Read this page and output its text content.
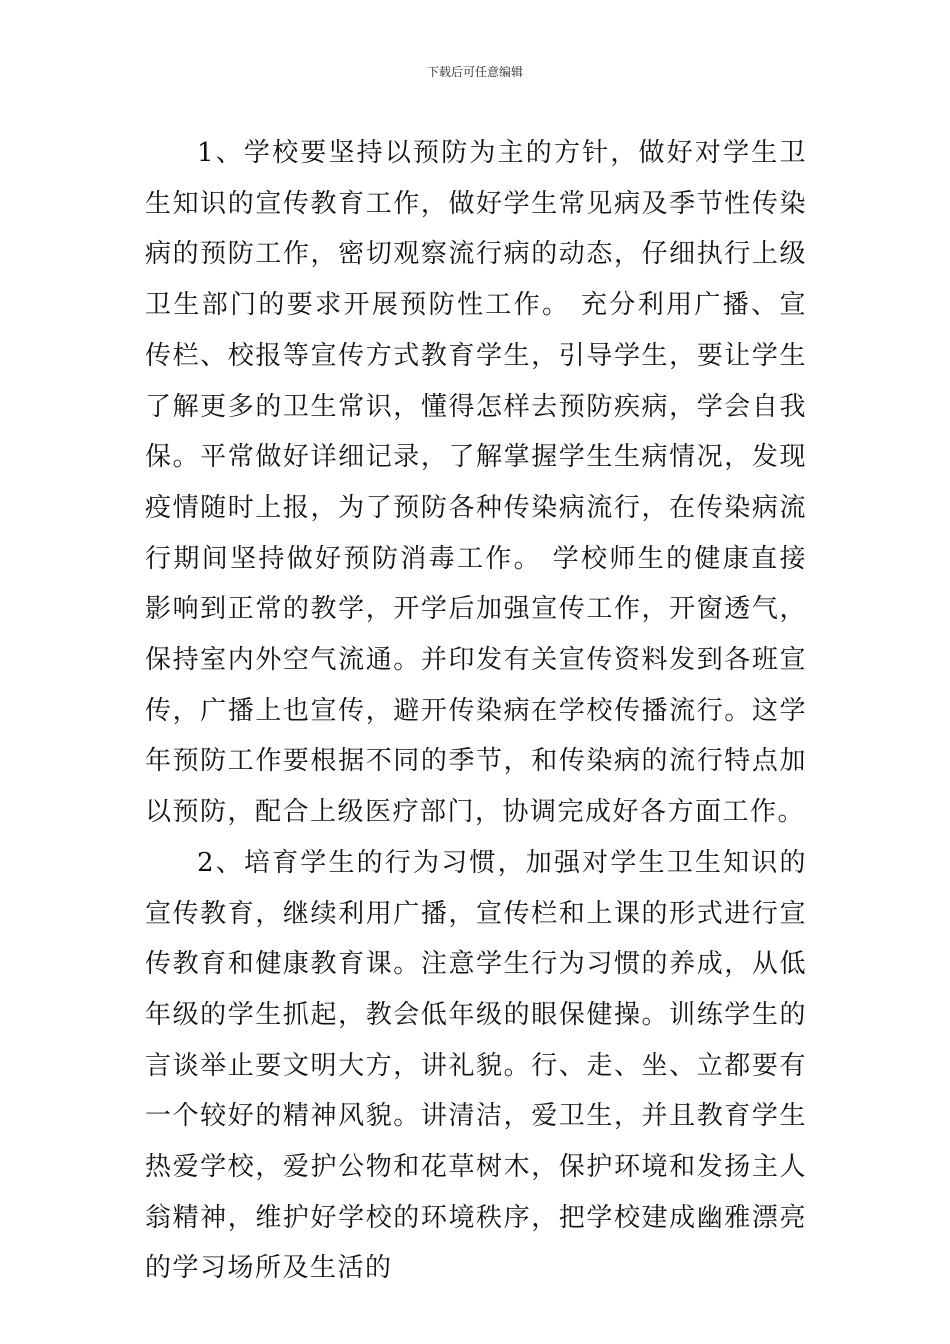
下载后可任意编辑

1、学校要坚持以预防为主的方针，做好对学生卫生知识的宣传教育工作，做好学生常见病及季节性传染病的预防工作，密切观察流行病的动态，仔细执行上级卫生部门的要求开展预防性工作。 充分利用广播、宣传栏、校报等宣传方式教育学生，引导学生，要让学生了解更多的卫生常识，懂得怎样去预防疾病，学会自我保。平常做好详细记录，了解掌握学生生病情况，发现疫情随时上报，为了预防各种传染病流行，在传染病流行期间坚持做好预防消毒工作。 学校师生的健康直接影响到正常的教学，开学后加强宣传工作，开窗透气，保持室内外空气流通。并印发有关宣传资料发到各班宣传，广播上也宣传，避开传染病在学校传播流行。这学年预防工作要根据不同的季节，和传染病的流行特点加以预防，配合上级医疗部门，协调完成好各方面工作。

2、培育学生的行为习惯，加强对学生卫生知识的宣传教育，继续利用广播，宣传栏和上课的形式进行宣传教育和健康教育课。注意学生行为习惯的养成，从低年级的学生抓起，教会低年级的眼保健操。训练学生的言谈举止要文明大方，讲礼貌。行、走、坐、立都要有一个较好的精神风貌。讲清洁，爱卫生，并且教育学生热爱学校，爱护公物和花草树木，保护环境和发扬主人翁精神，维护好学校的环境秩序，把学校建成幽雅漂亮的学习场所及生活的
